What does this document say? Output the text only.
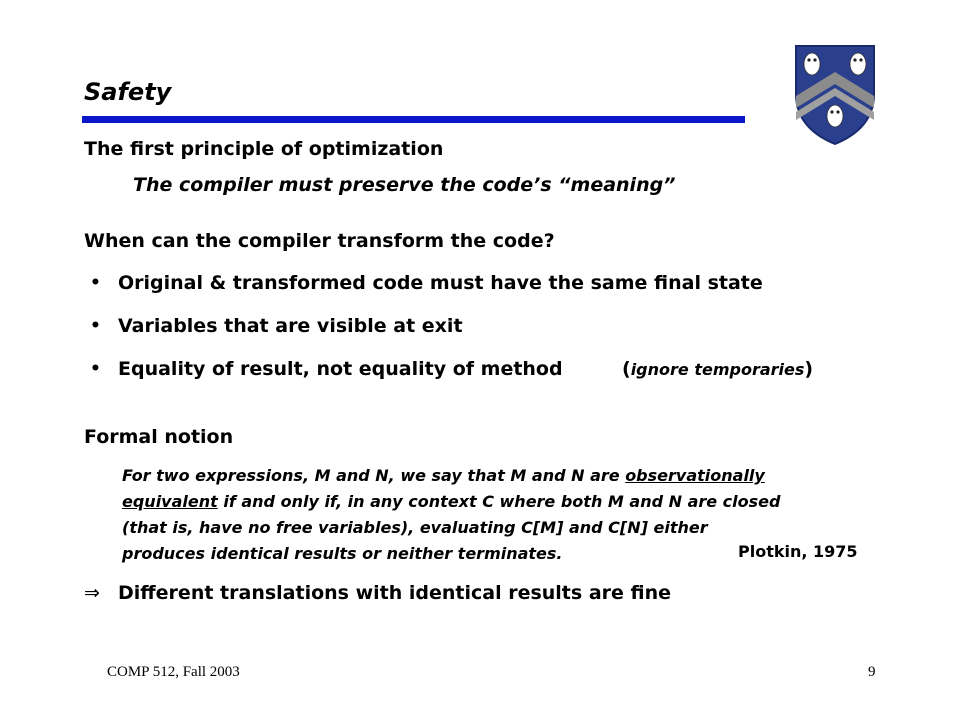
Safety
The first principle of optimization
The compiler must preserve the code’s “meaning”
When can the compiler transform the code?
• Original & transformed code must have the same final state
• Variables that are visible at exit
• Equality of result, not equality of method	(ignore temporaries)
Formal notion
For two expressions, M and N, we say that M and N are observationally
equivalent if and only if, in any context C where both M and N are closed
(that is, have no free variables), evaluating C[M] and C[N] either
produces identical results or neither terminates.	Plotkin, 1975
⇒ Different translations with identical results are fine
COMP 512, Fall 2003	9
